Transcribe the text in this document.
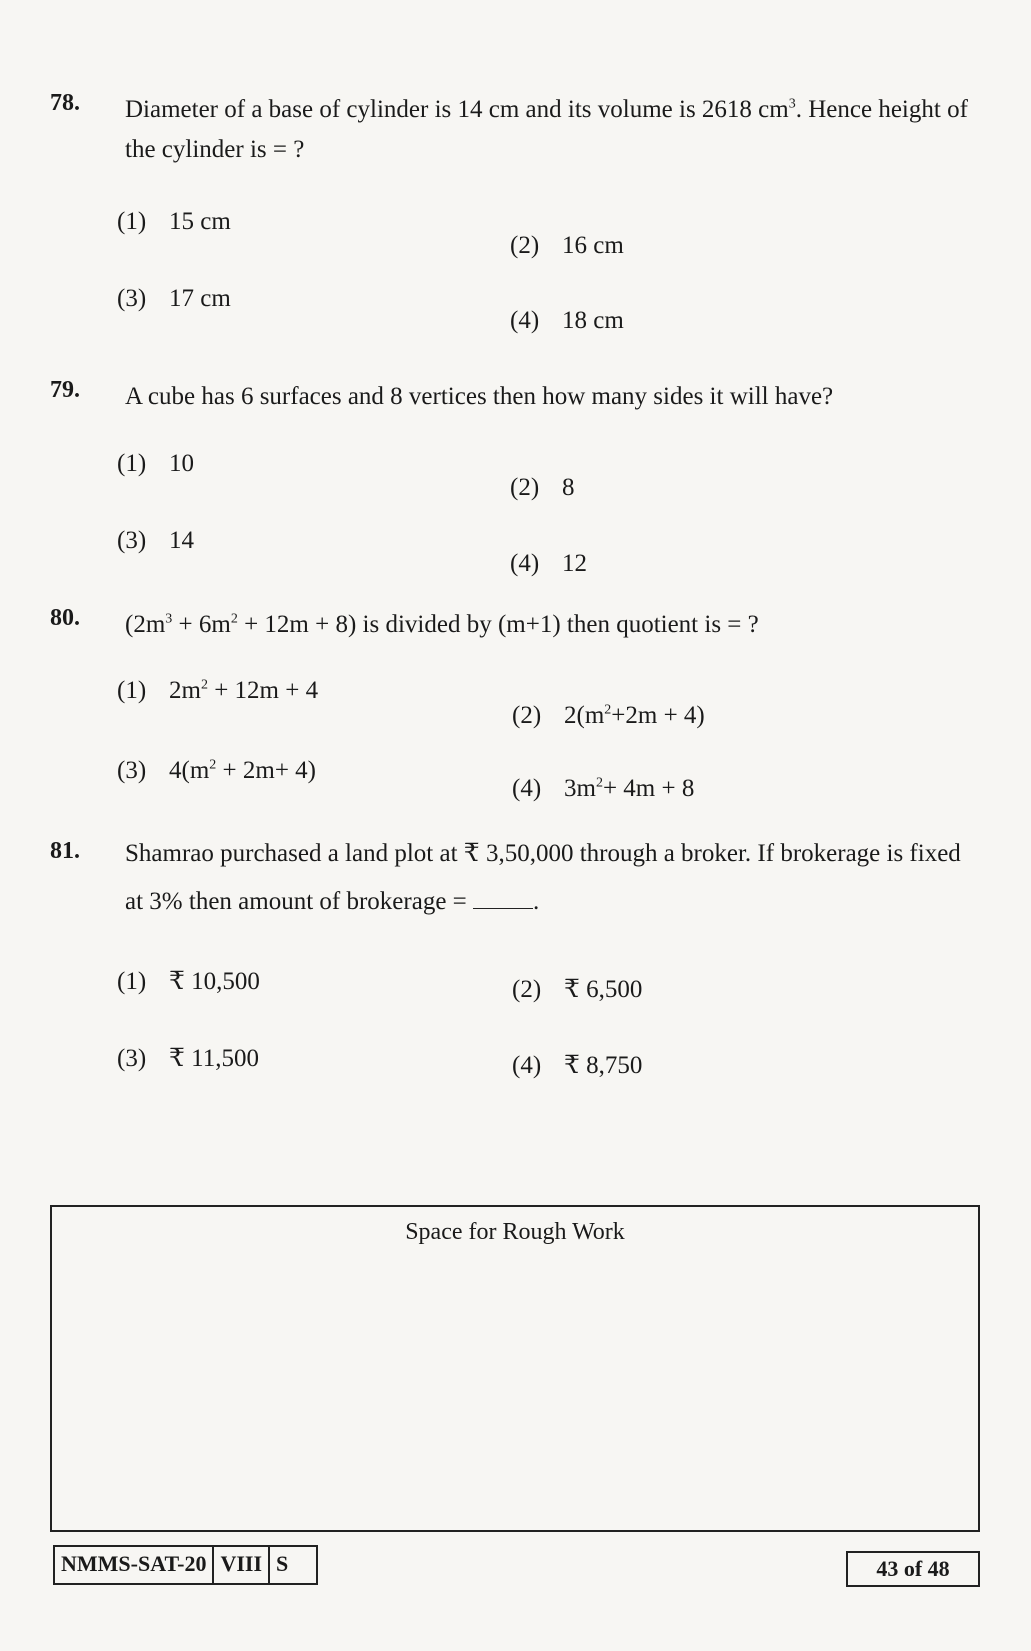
78. Diameter of a base of cylinder is 14 cm and its volume is 2618 $cm^3$. Hence height of the cylinder is = ?
(1) 15 cm
(2) 16 cm
(3) 17 cm
(4) 18 cm
79. A cube has 6 surfaces and 8 vertices then how many sides it will have?
(1) 10
(2) 8
(3) 14
(4) 12
80. $(2m^3 + 6m^2 + 12m + 8)$ is divided by (m+1) then quotient is = ?
(1) $2m^2 + 12m + 4$
(2) $2(m^2+2m + 4)$
(3) $4(m^2 + 2m+ 4)$
(4) $3m^2+ 4m + 8$
81. Shamrao purchased a land plot at ₹ 3,50,000 through a broker. If brokerage is fixed at 3% then amount of brokerage =	.
(1) ₹ 10,500	(2) ₹ 6,500
(3) ₹ 11,500	(4) ₹ 8,750
Space for Rough Work
NMMS-SAT-20 VIII S	43 of 48
